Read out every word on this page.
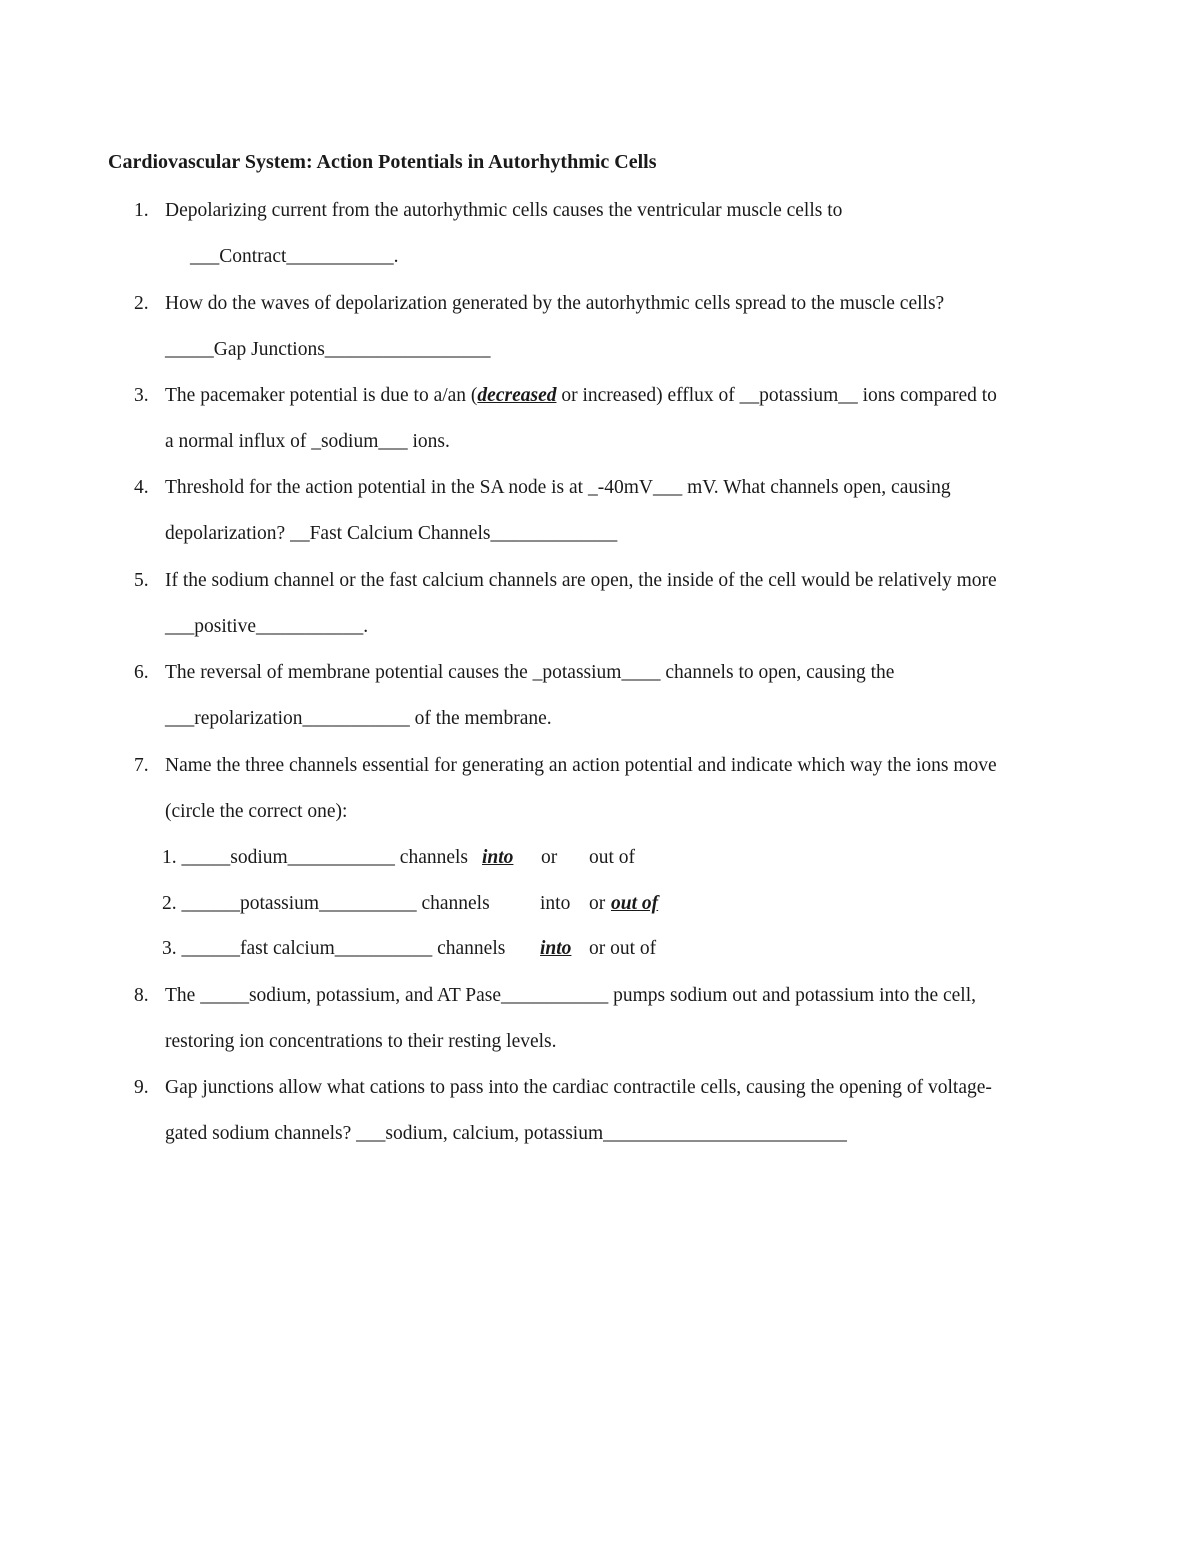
Cardiovascular System: Action Potentials in Autorhythmic Cells
1. Depolarizing current from the autorhythmic cells causes the ventricular muscle cells to
___Contract___________.
2. How do the waves of depolarization generated by the autorhythmic cells spread to the muscle cells?
_____Gap Junctions_________________
3. The pacemaker potential is due to a/an (decreased or increased) efflux of __potassium__ ions compared to
a normal influx of _sodium___ ions.
4. Threshold for the action potential in the SA node is at _-40mV___ mV. What channels open, causing
depolarization? __Fast Calcium Channels_____________
5. If the sodium channel or the fast calcium channels are open, the inside of the cell would be relatively more
___positive___________.
6. The reversal of membrane potential causes the _potassium____ channels to open, causing the
___repolarization___________ of the membrane.
7. Name the three channels essential for generating an action potential and indicate which way the ions move
(circle the correct one):
1. _____sodium___________ channels into or out of
2. ______potassium__________ channels	into or out of
3. ______fast calcium__________ channels into or out of
8. The _____sodium, potassium, and AT Pase___________ pumps sodium out and potassium into the cell,
restoring ion concentrations to their resting levels.
9. Gap junctions allow what cations to pass into the cardiac contractile cells, causing the opening of voltage-
gated sodium channels? ___sodium, calcium, potassium_________________________
